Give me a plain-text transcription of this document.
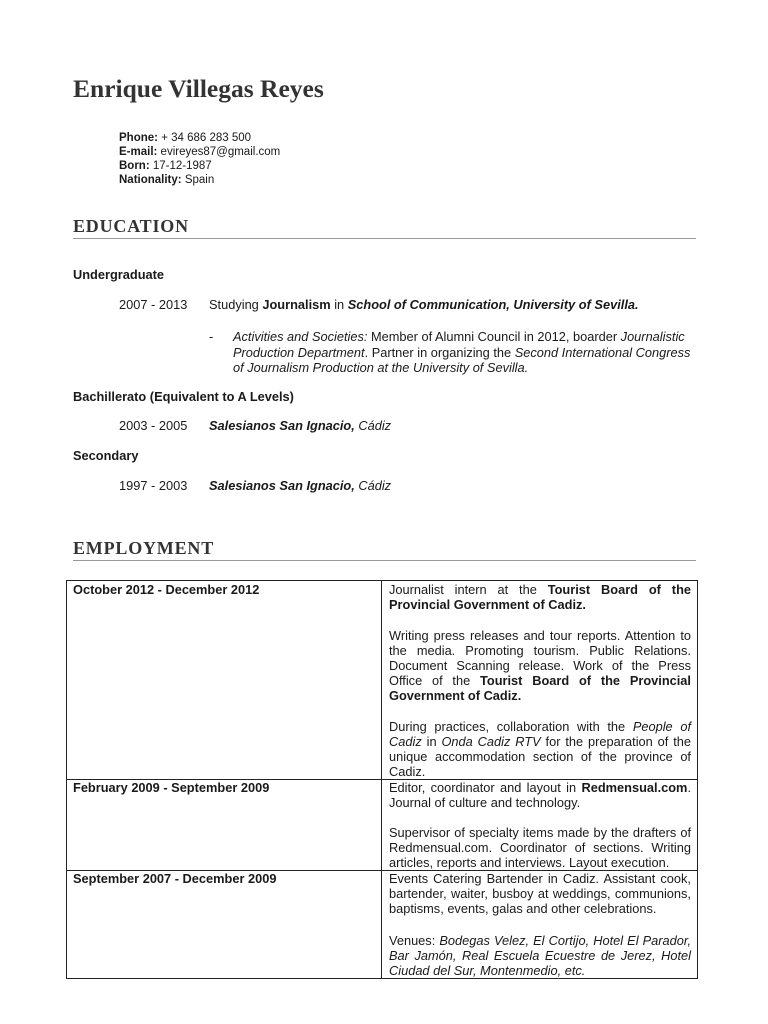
Enrique Villegas Reyes
Phone: + 34 686 283 500
E-mail: evireyes87@gmail.com
Born: 17-12-1987
Nationality: Spain
EDUCATION
Undergraduate
2007 - 2013 Studying Journalism in School of Communication, University of Sevilla.
- Activities and Societies: Member of Alumni Council in 2012, boarder Journalistic Production Department. Partner in organizing the Second International Congress of Journalism Production at the University of Sevilla.
Bachillerato (Equivalent to A Levels)
2003 - 2005 Salesianos San Ignacio, Cádiz
Secondary
1997 - 2003 Salesianos San Ignacio, Cádiz
EMPLOYMENT
October 2012 - December 2012	Journalist intern at the Tourist Board of the Provincial Government of Cadiz.

Writing press releases and tour reports. Attention to the media. Promoting tourism. Public Relations. Document Scanning release. Work of the Press Office of the Tourist Board of the Provincial Government of Cadiz.

During practices, collaboration with the People of Cadiz in Onda Cadiz RTV for the preparation of the unique accommodation section of the province of Cadiz.

February 2009 - September 2009	Editor, coordinator and layout in Redmensual.com. Journal of culture and technology.

Supervisor of specialty items made by the drafters of Redmensual.com. Coordinator of sections. Writing articles, reports and interviews. Layout execution.

September 2007 - December 2009	Events Catering Bartender in Cadiz. Assistant cook, bartender, waiter, busboy at weddings, communions, baptisms, events, galas and other celebrations.

Venues: Bodegas Velez, El Cortijo, Hotel El Parador, Bar Jamón, Real Escuela Ecuestre de Jerez, Hotel Ciudad del Sur, Montenmedio, etc.
